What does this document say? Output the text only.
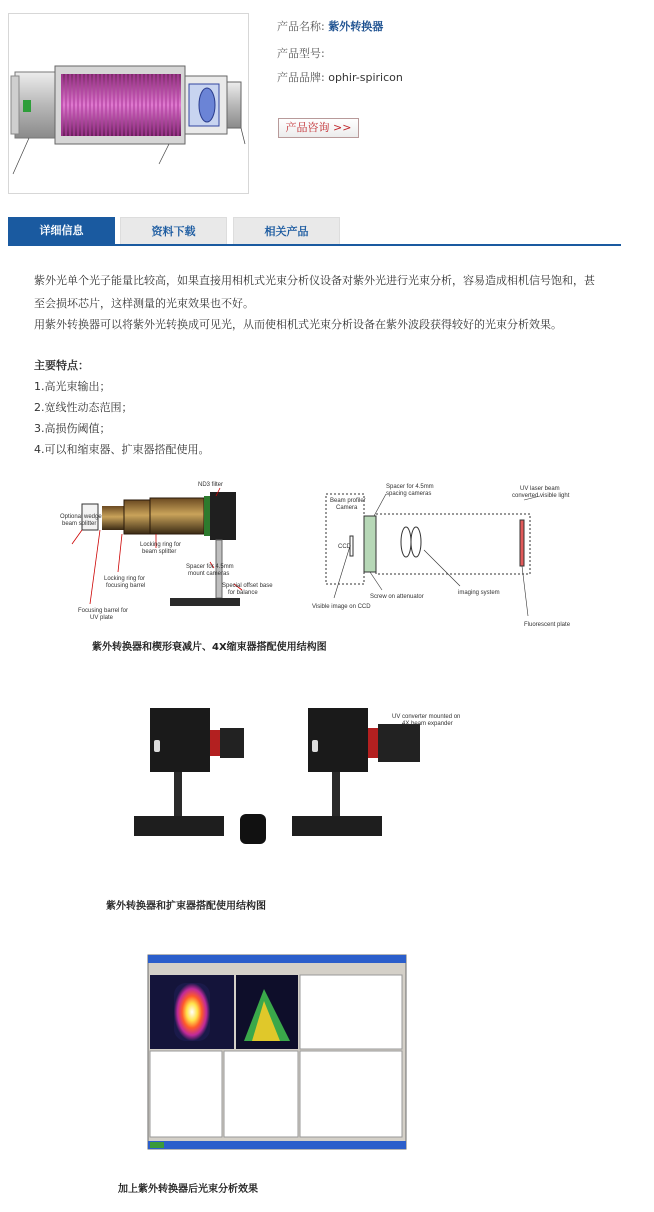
产品名称: 紫外转换器
产品型号:
产品品牌: ophir-spiricon
产品咨询 >>
详细信息	资料下载	相关产品
紫外光单个光子能量比较高，如果直接用相机式光束分析仪设备对紫外光进行光束分析，容易造成相机信号饱和，甚
至会损坏芯片，这样测量的光束效果也不好。
用紫外转换器可以将紫外光转换成可见光，从而使相机式光束分析设备在紫外波段获得较好的光束分析效果。
主要特点：
1.高光束输出；
2.宽线性动态范围；
3.高损伤阈值；
4.可以和缩束器、扩束器搭配使用。
ND3 filter
Optional wedge
beam splitter
Locking ring for
beam splitter
Locking ring for
focusing barrel
Spacer for 4.5mm
mount cameras
Special offset base
for balance
Focusing barrel for
UV plate
Beam profiler
Camera
Spacer for 4.5mm
spacing cameras
UV laser beam
converted visible light
CCD
Visible image on CCD
Screw on attenuator
imaging system
Fluorescent plate
紫外转换器和楔形衰减片、4X缩束器搭配使用结构图
UV converter mounted on
4X beam expander
紫外转换器和扩束器搭配使用结构图
加上紫外转换器后光束分析效果
